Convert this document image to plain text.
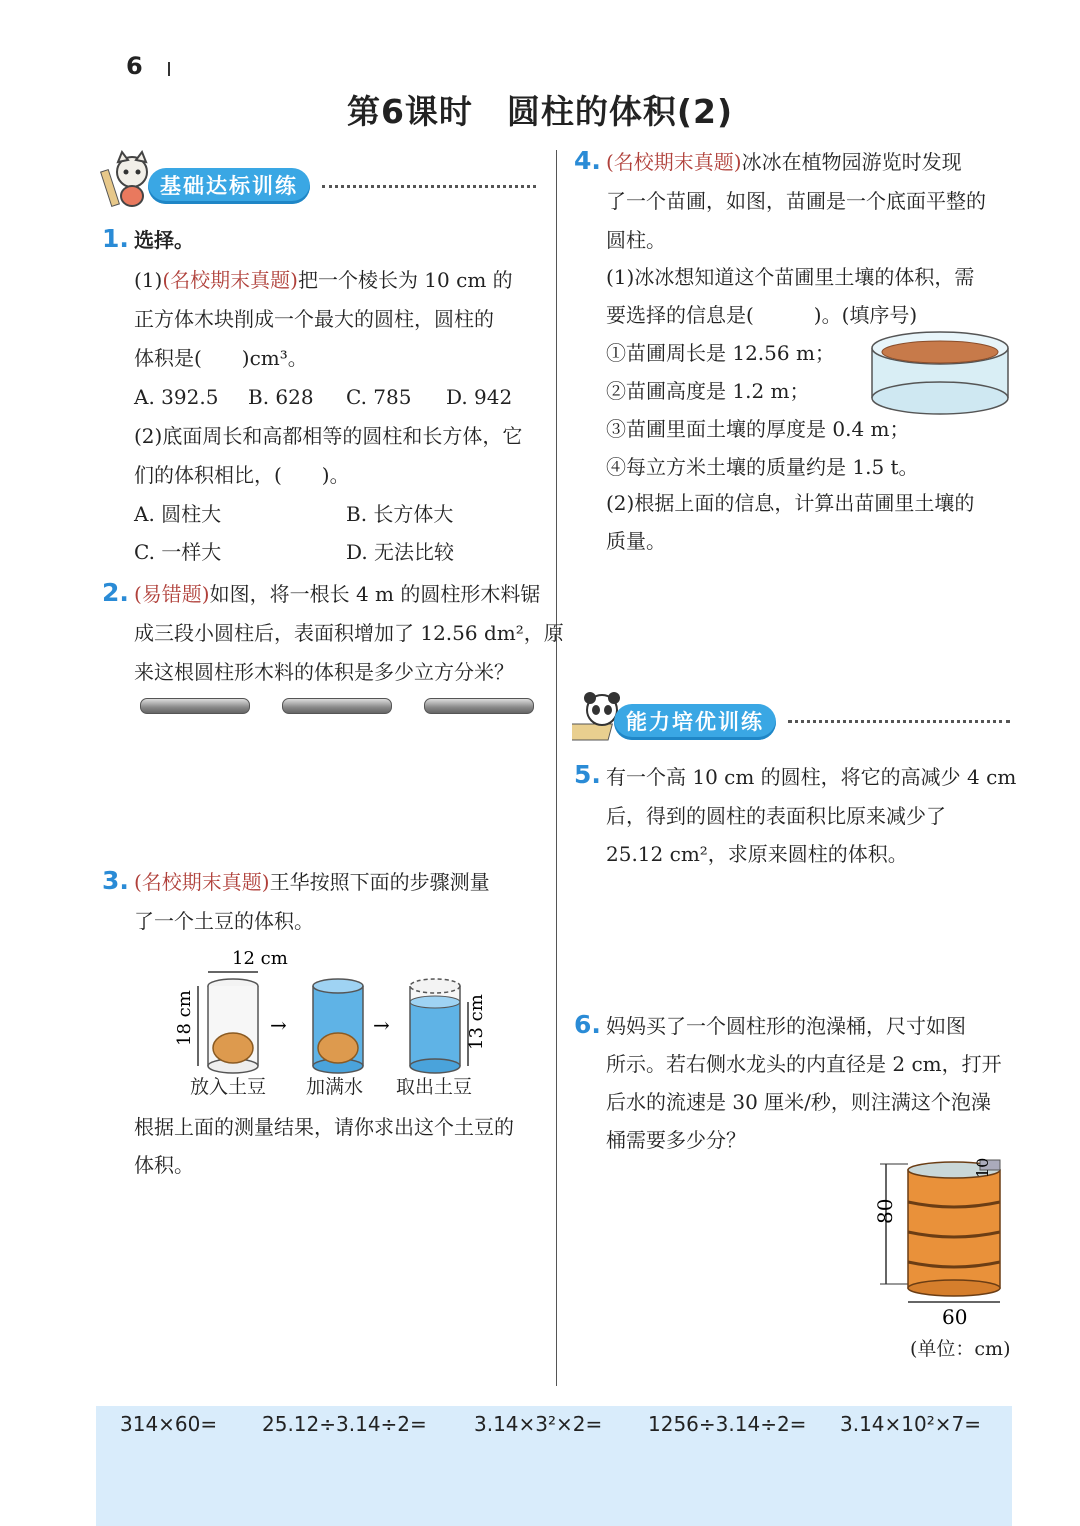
6
第6课时　圆柱的体积(2)
基础达标训练
1. 选择。
(1)(名校期末真题)把一个棱长为 10 cm 的
正方体木块削成一个最大的圆柱，圆柱的
体积是(　　)cm³。
A. 392.5 B. 628 C. 785 D. 942
(2)底面周长和高都相等的圆柱和长方体，它
们的体积相比，(　　)。
A. 圆柱大	B. 长方体大
C. 一样大	D. 无法比较
2. (易错题)如图，将一根长 4 m 的圆柱形木料锯
成三段小圆柱后，表面积增加了 12.56 dm²，原
来这根圆柱形木料的体积是多少立方分米？
3. (名校期末真题)王华按照下面的步骤测量
了一个土豆的体积。
12 cm
18 cm	→	→	13 cm
放入土豆 加满水 取出土豆
根据上面的测量结果，请你求出这个土豆的
体积。
4. (名校期末真题)冰冰在植物园游览时发现
了一个苗圃，如图，苗圃是一个底面平整的
圆柱。
(1)冰冰想知道这个苗圃里土壤的体积，需
要选择的信息是(　　　)。(填序号)
①苗圃周长是 12.56 m；
②苗圃高度是 1.2 m；
③苗圃里面土壤的厚度是 0.4 m；
④每立方米土壤的质量约是 1.5 t。
(2)根据上面的信息，计算出苗圃里土壤的
质量。
能力培优训练
5. 有一个高 10 cm 的圆柱，将它的高减少 4 cm
后，得到的圆柱的表面积比原来减少了
25.12 cm²，求原来圆柱的体积。
6. 妈妈买了一个圆柱形的泡澡桶，尺寸如图
所示。若右侧水龙头的内直径是 2 cm，打开
后水的流速是 30 厘米/秒，则注满这个泡澡
桶需要多少分？
80
10
60
(单位：cm)
314×60= 25.12÷3.14÷2= 3.14×3²×2= 1256÷3.14÷2= 3.14×10²×7=
